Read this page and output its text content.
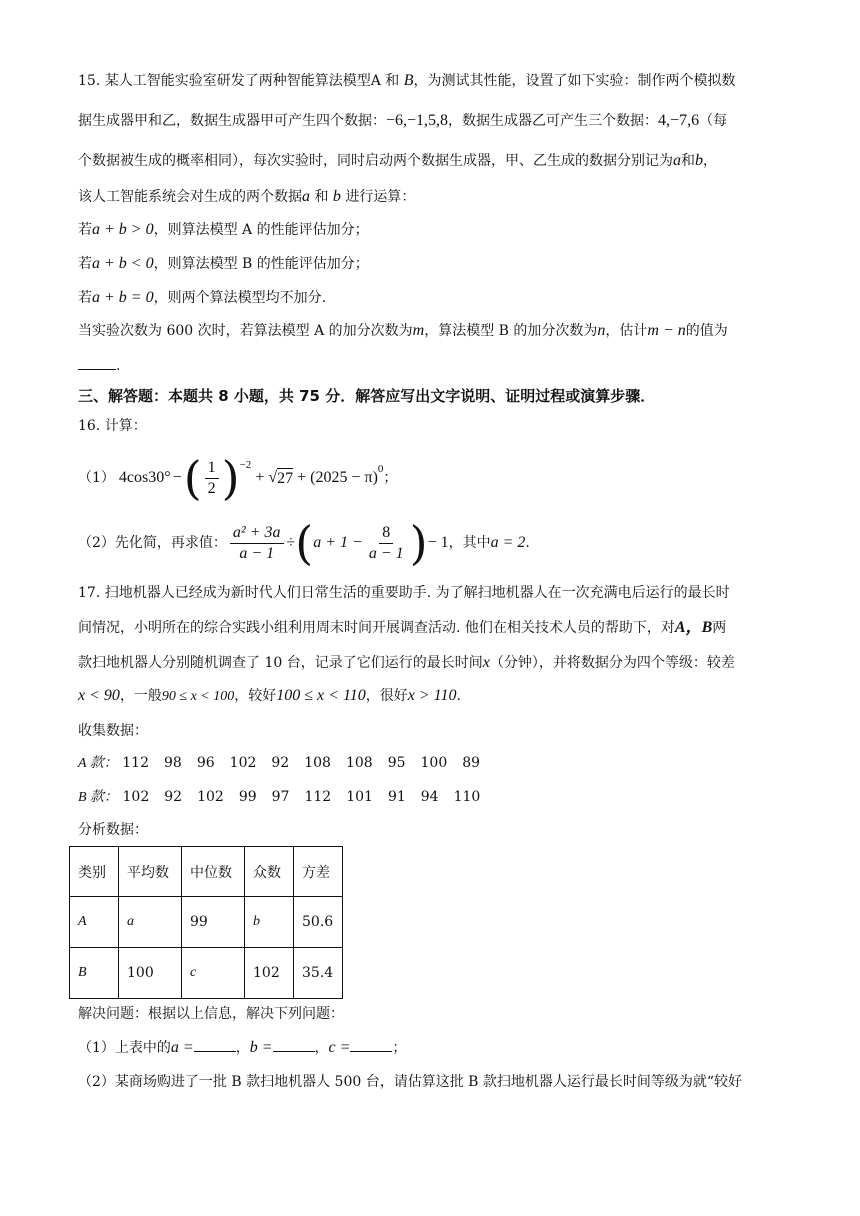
15. 某人工智能实验室研发了两种智能算法模型A 和 B，为测试其性能，设置了如下实验：制作两个模拟数
据生成器甲和乙，数据生成器甲可产生四个数据：−6,−1,5,8，数据生成器乙可产生三个数据：4,−7,6（每
个数据被生成的概率相同），每次实验时，同时启动两个数据生成器，甲、乙生成的数据分别记为a和b，
该人工智能系统会对生成的两个数据a 和 b 进行运算：
若a + b > 0，则算法模型 A 的性能评估加分；
若a + b < 0，则算法模型 B 的性能评估加分；
若a + b = 0，则两个算法模型均不加分.
当实验次数为 600 次时，若算法模型 A 的加分次数为m，算法模型 B 的加分次数为n，估计m − n的值为
.
三、解答题：本题共 8 小题，共 75 分．解答应写出文字说明、证明过程或演算步骤．
16. 计算：
（1） 4cos30° − ( $\frac{1}{2} )^{-2}$
+ √ $27 + (2025 - \pi)^0$
；
（2）先化简，再求值： $\frac{\text{a² + 3a}}{a - 1}$ ÷ ( $a + 1 - \frac{8}{a - 1}$ ) − 1 ，其中 a = 2 .
17. 扫地机器人已经成为新时代人们日常生活的重要助手. 为了解扫地机器人在一次充满电后运行的最长时
间情况，小明所在的综合实践小组利用周末时间开展调查活动. 他们在相关技术人员的帮助下，对A，B两
款扫地机器人分别随机调查了 10 台，记录了它们运行的最长时间x（分钟），并将数据分为四个等级：较差
x < 90，一般90 ≤ x < 100，较好100 ≤ x < 110，很好x > 110.
收集数据：
A 款： 112 98 96 102 92 108 108 95 100 89
B 款： 102 92 102 99 97 112 101 91 94 110
分析数据：
类别	平均数	中位数	众数	方差
A	a	99	b	50.6
B	100	c	102	35.4
解决问题：根据以上信息，解决下列问题：
（1）上表中的a =	，b =	，c =	；
（2）某商场购进了一批 B 款扫地机器人 500 台，请估算这批 B 款扫地机器人运行最长时间等级为就“较好
